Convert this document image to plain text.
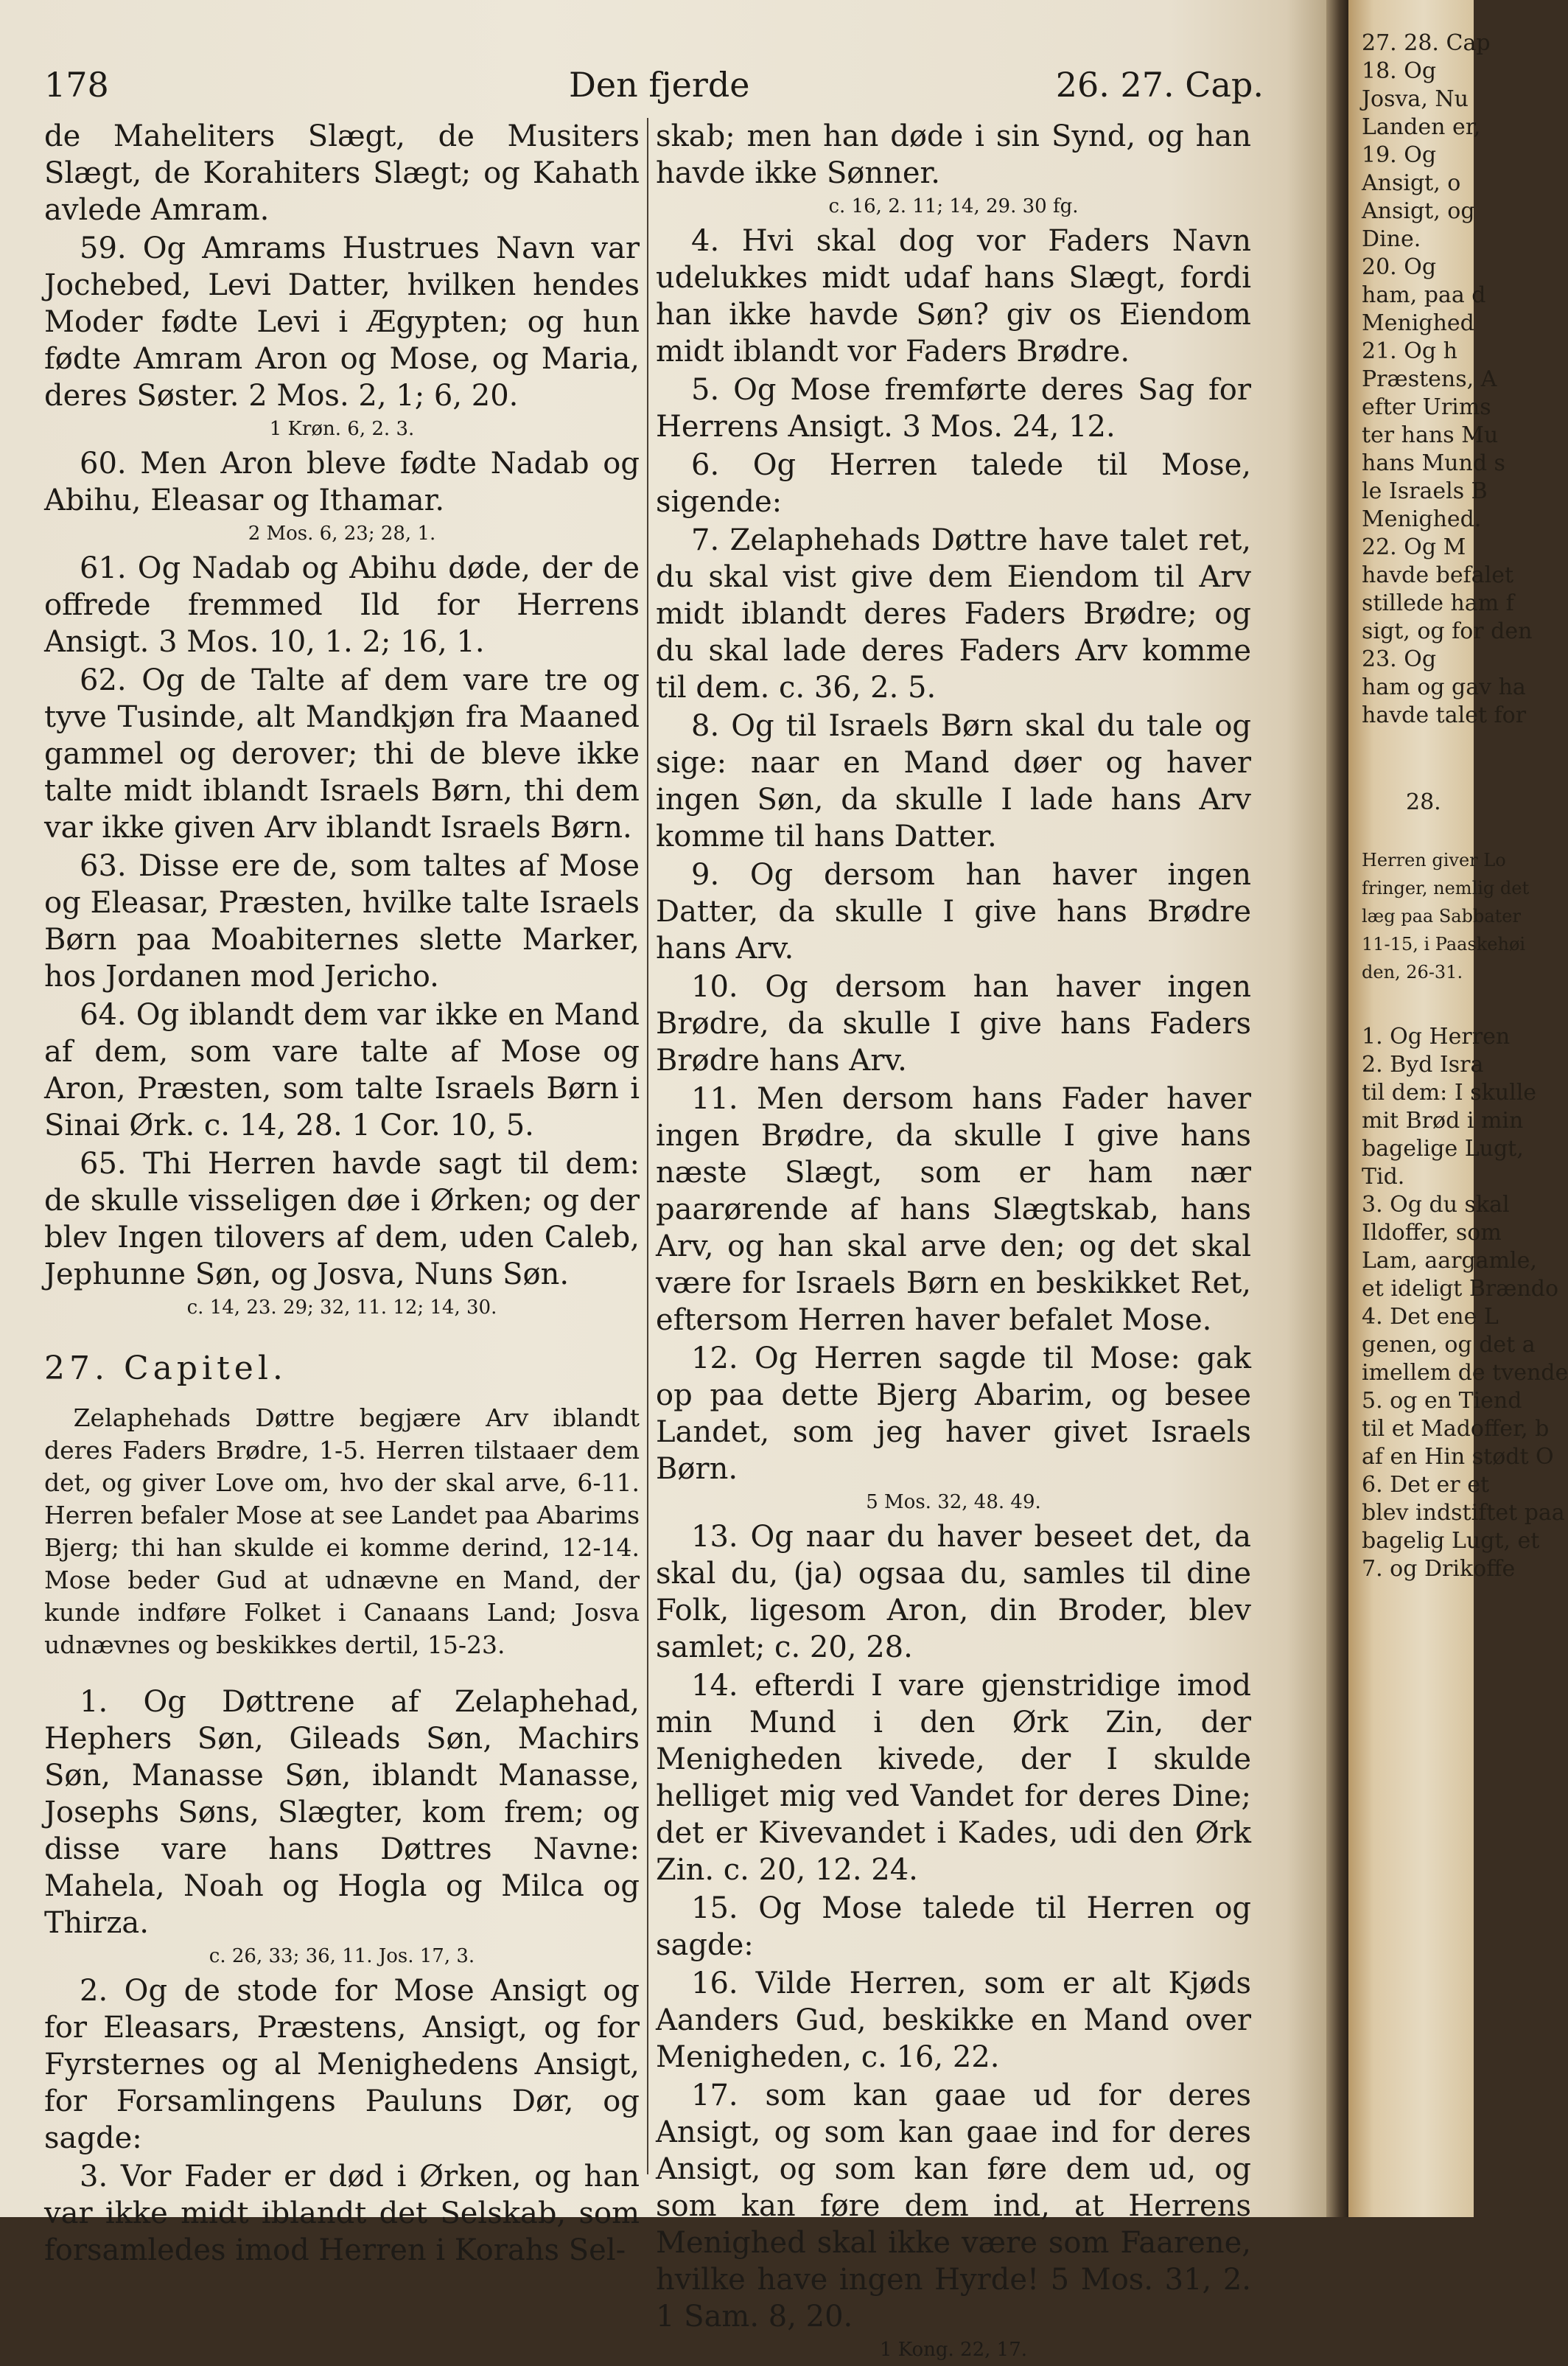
178	Den fjerde	26. 27. Cap.

de Maheliters Slægt, de Musiters Slægt, de Korahiters Slægt; og Kahath avlede Amram.

59. Og Amrams Hustrues Navn var Jochebed, Levi Datter, hvilken hendes Moder fødte Levi i Ægypten; og hun fødte Amram Aron og Mose, og Maria, deres Søster. 2 Mos. 2, 1; 6, 20.

1 Krøn. 6, 2. 3.

60. Men Aron bleve fødte Nadab og Abihu, Eleasar og Ithamar.

2 Mos. 6, 23; 28, 1.

61. Og Nadab og Abihu døde, der de offrede fremmed Ild for Herrens Ansigt. 3 Mos. 10, 1. 2; 16, 1.

62. Og de Talte af dem vare tre og tyve Tusinde, alt Mandkjøn fra Maaned gammel og derover; thi de bleve ikke talte midt iblandt Israels Børn, thi dem var ikke given Arv iblandt Israels Børn.

63. Disse ere de, som taltes af Mose og Eleasar, Præsten, hvilke talte Israels Børn paa Moabiternes slette Marker, hos Jordanen mod Jericho.

64. Og iblandt dem var ikke en Mand af dem, som vare talte af Mose og Aron, Præsten, som talte Israels Børn i Sinai Ørk. c. 14, 28. 1 Cor. 10, 5.

65. Thi Herren havde sagt til dem: de skulle visseligen døe i Ørken; og der blev Ingen tilovers af dem, uden Caleb, Jephunne Søn, og Josva, Nuns Søn.

c. 14, 23. 29; 32, 11. 12; 14, 30.

27. Capitel.

Zelaphehads Døttre begjære Arv iblandt deres Faders Brødre, 1-5. Herren tilstaaer dem det, og giver Love om, hvo der skal arve, 6-11. Herren befaler Mose at see Landet paa Abarims Bjerg; thi han skulde ei komme derind, 12-14. Mose beder Gud at udnævne en Mand, der kunde indføre Folket i Canaans Land; Josva udnævnes og beskikkes dertil, 15-23.

1. Og Døttrene af Zelaphehad, Hephers Søn, Gileads Søn, Machirs Søn, Manasse Søn, iblandt Manasse, Josephs Søns, Slægter, kom frem; og disse vare hans Døttres Navne: Mahela, Noah og Hogla og Milca og Thirza.

c. 26, 33; 36, 11. Jos. 17, 3.

2. Og de stode for Mose Ansigt og for Eleasars, Præstens, Ansigt, og for Fyrsternes og al Menighedens Ansigt, for Forsamlingens Pauluns Dør, og sagde:

3. Vor Fader er død i Ørken, og han var ikke midt iblandt det Selskab, som forsamledes imod Herren i Korahs Sel-

skab; men han døde i sin Synd, og han havde ikke Sønner.

c. 16, 2. 11; 14, 29. 30 fg.

4. Hvi skal dog vor Faders Navn udelukkes midt udaf hans Slægt, fordi han ikke havde Søn? giv os Eiendom midt iblandt vor Faders Brødre.

5. Og Mose fremførte deres Sag for Herrens Ansigt. 3 Mos. 24, 12.

6. Og Herren talede til Mose, sigende:

7. Zelaphehads Døttre have talet ret, du skal vist give dem Eiendom til Arv midt iblandt deres Faders Brødre; og du skal lade deres Faders Arv komme til dem. c. 36, 2. 5.

8. Og til Israels Børn skal du tale og sige: naar en Mand døer og haver ingen Søn, da skulle I lade hans Arv komme til hans Datter.

9. Og dersom han haver ingen Datter, da skulle I give hans Brødre hans Arv.

10. Og dersom han haver ingen Brødre, da skulle I give hans Faders Brødre hans Arv.

11. Men dersom hans Fader haver ingen Brødre, da skulle I give hans næste Slægt, som er ham nær paarørende af hans Slægtskab, hans Arv, og han skal arve den; og det skal være for Israels Børn en beskikket Ret, eftersom Herren haver befalet Mose.

12. Og Herren sagde til Mose: gak op paa dette Bjerg Abarim, og besee Landet, som jeg haver givet Israels Børn.

5 Mos. 32, 48. 49.

13. Og naar du haver beseet det, da skal du, (ja) ogsaa du, samles til dine Folk, ligesom Aron, din Broder, blev samlet; c. 20, 28.

14. efterdi I vare gjenstridige imod min Mund i den Ørk Zin, der Menigheden kivede, der I skulde helliget mig ved Vandet for deres Dine; det er Kivevandet i Kades, udi den Ørk Zin. c. 20, 12. 24.

15. Og Mose talede til Herren og sagde:

16. Vilde Herren, som er alt Kjøds Aanders Gud, beskikke en Mand over Menigheden, c. 16, 22.

17. som kan gaae ud for deres Ansigt, og som kan gaae ind for deres Ansigt, og som kan føre dem ud, og som kan føre dem ind, at Herrens Menighed skal ikke være som Faarene, hvilke have ingen Hyrde! 5 Mos. 31, 2. 1 Sam. 8, 20.

1 Kong. 22, 17.

27. 28. Cap

18. Og

Josva, Nu

Landen er,

19. Og

Ansigt, o

Ansigt, og

Dine.

20. Og

ham, paa d

Menighed

21. Og h

Præstens, A

efter Urims

ter hans Mu

hans Mund s

le Israels B

Menighed.

22. Og M

havde befalet

stillede ham f

sigt, og for den

23. Og

ham og gav ha

havde talet for

28.

Herren giver Lo

fringer, nemlig det

læg paa Sabbater

11-15, i Paaskehøi

den, 26-31.

1. Og Herren

2. Byd Isra

til dem: I skulle

mit Brød i min

bagelige Lugt,

Tid.

3. Og du skal

Ildoffer, som

Lam, aargamle,

et ideligt Brændo

4. Det ene L

genen, og det a

imellem de tvende

5. og en Tiend

til et Madoffer, b

af en Hin stødt O

6. Det er et

blev indstiftet paa

bagelig Lugt, et

7. og Drikoffe
